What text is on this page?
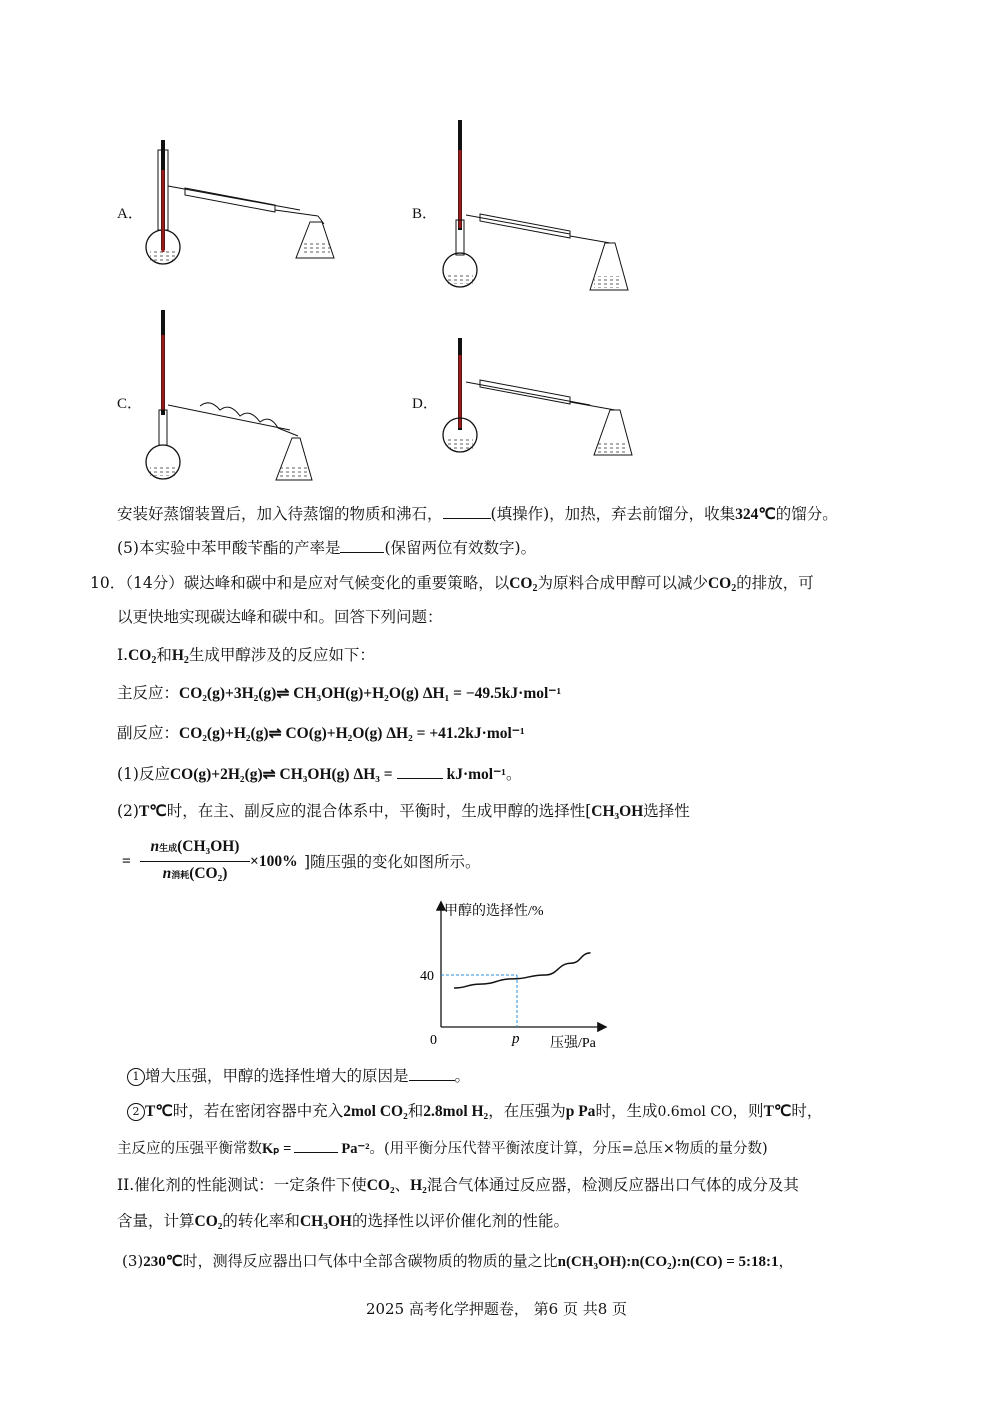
A．	B．
C．	D．
安装好蒸馏装置后，加入待蒸馏的物质和沸石，	(填操作)，加热，弃去前馏分，收集324℃的馏分。
(5)本实验中苯甲酸苄酯的产率是	(保留两位有效数字)。
10．（14分）碳达峰和碳中和是应对气候变化的重要策略，以$CO_2$为原料合成甲醇可以减少$CO_2$的排放，可
以更快地实现碳达峰和碳中和。回答下列问题：
$I.CO_2$和$H_2$生成甲醇涉及的反应如下：
主反应：CO₂(g)+3H₂(g)⇌ CH₃OH(g)+H₂O(g) ΔH₁ = −49.5kJ·mol⁻¹
副反应：CO₂(g)+H₂(g)⇌ CO(g)+H₂O(g) ΔH₂ = +41.2kJ·mol⁻¹
(1)反应CO(g)+2H₂(g)⇌ CH₃OH(g) ΔH₃ =	kJ·mol⁻¹。
(2)T℃时，在主、副反应的混合体系中，平衡时，生成甲醇的选择性[CH₃OH选择性
=
n生成(CH₃OH)
n消耗(CO₂)
×100% ]随压强的变化如图所示。
甲醇的选择性/%
压强/Pa
0
40
p
1 增大压强，甲醇的选择性增大的原因是	。
2 T℃时，若在密闭容器中充入2mol CO₂和2.8mol H₂，在压强为p Pa时，生成0.6mol CO，则T℃时，
主反应的压强平衡常数Kₚ =	Pa⁻²。(用平衡分压代替平衡浓度计算，分压=总压×物质的量分数)
II.催化剂的性能测试：一定条件下使CO₂、H₂混合气体通过反应器，检测反应器出口气体的成分及其
含量，计算CO₂的转化率和CH₃OH的选择性以评价催化剂的性能。
(3)230℃时，测得反应器出口气体中全部含碳物质的物质的量之比n(CH₃OH):n(CO₂):n(CO) = 5:18:1，
2025 高考化学押题卷， 第6 页 共8 页
